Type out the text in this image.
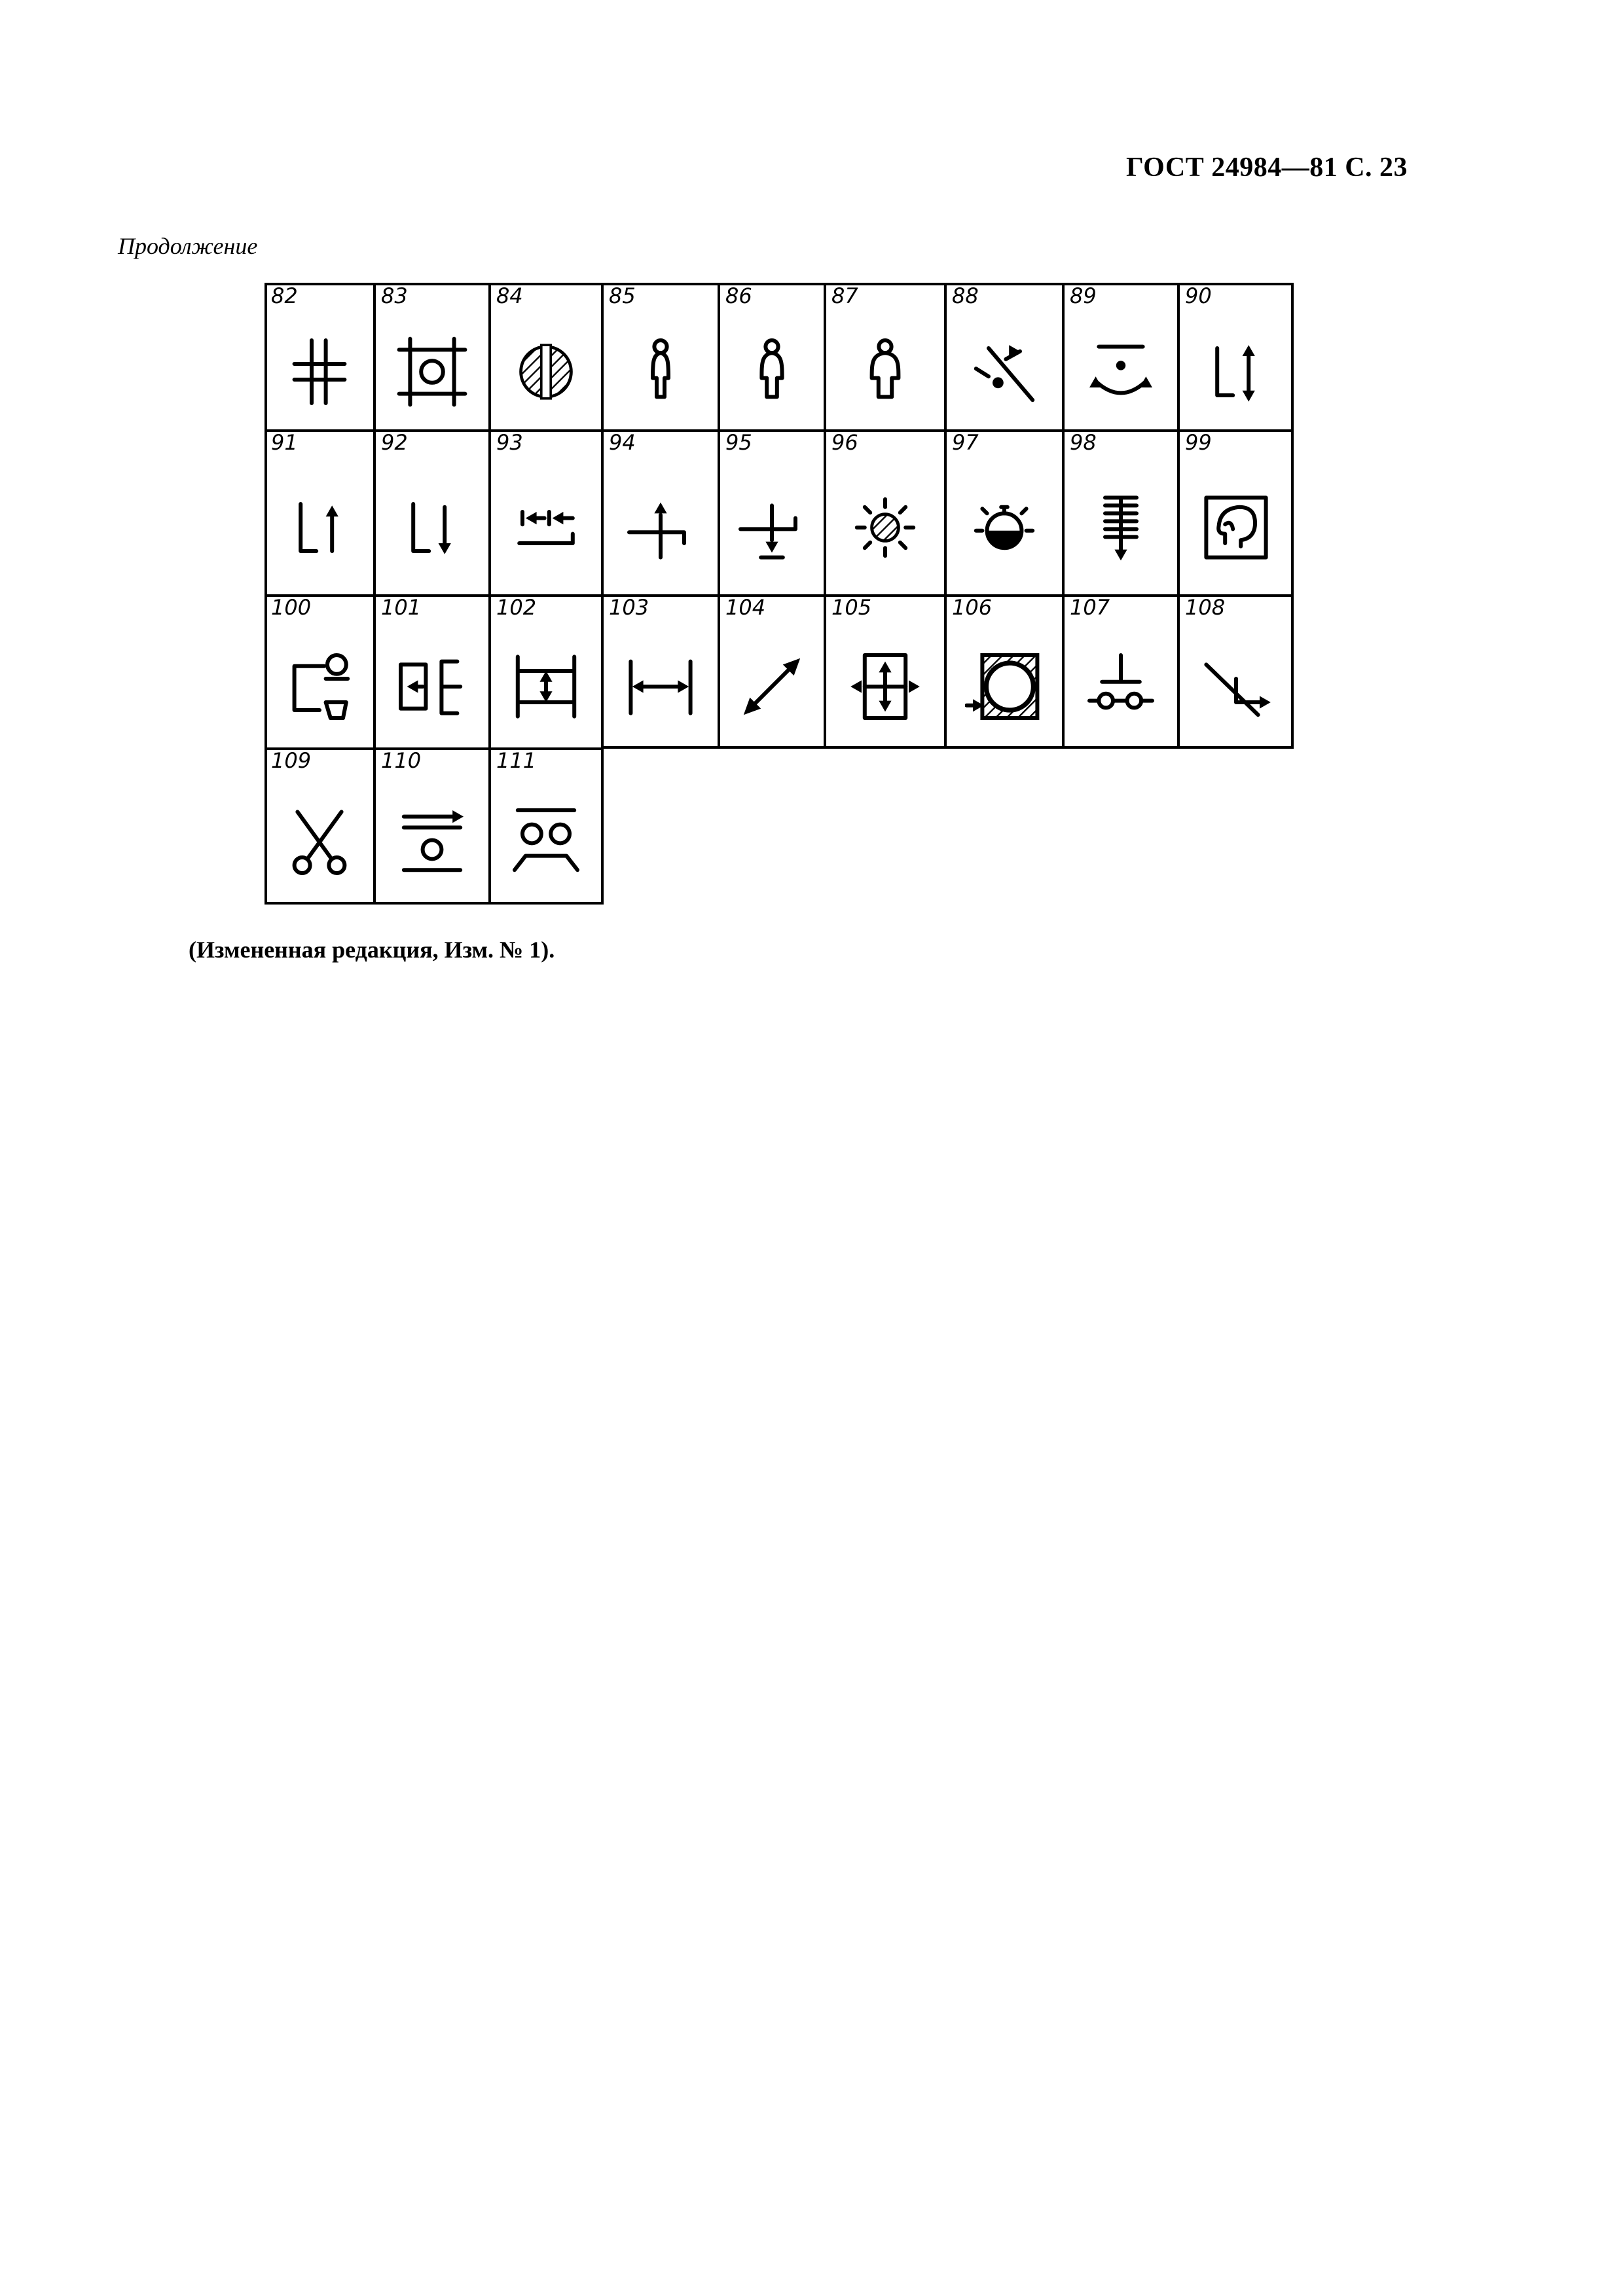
ГОСТ 24984—81 С. 23
Продолжение
82	83	84	85	86	87	88	89	90
91	92	93	94	95	96	97	98	99
100	101	102	103	104	105	106	107	108
109	110	111
(Измененная редакция, Изм. № 1).
